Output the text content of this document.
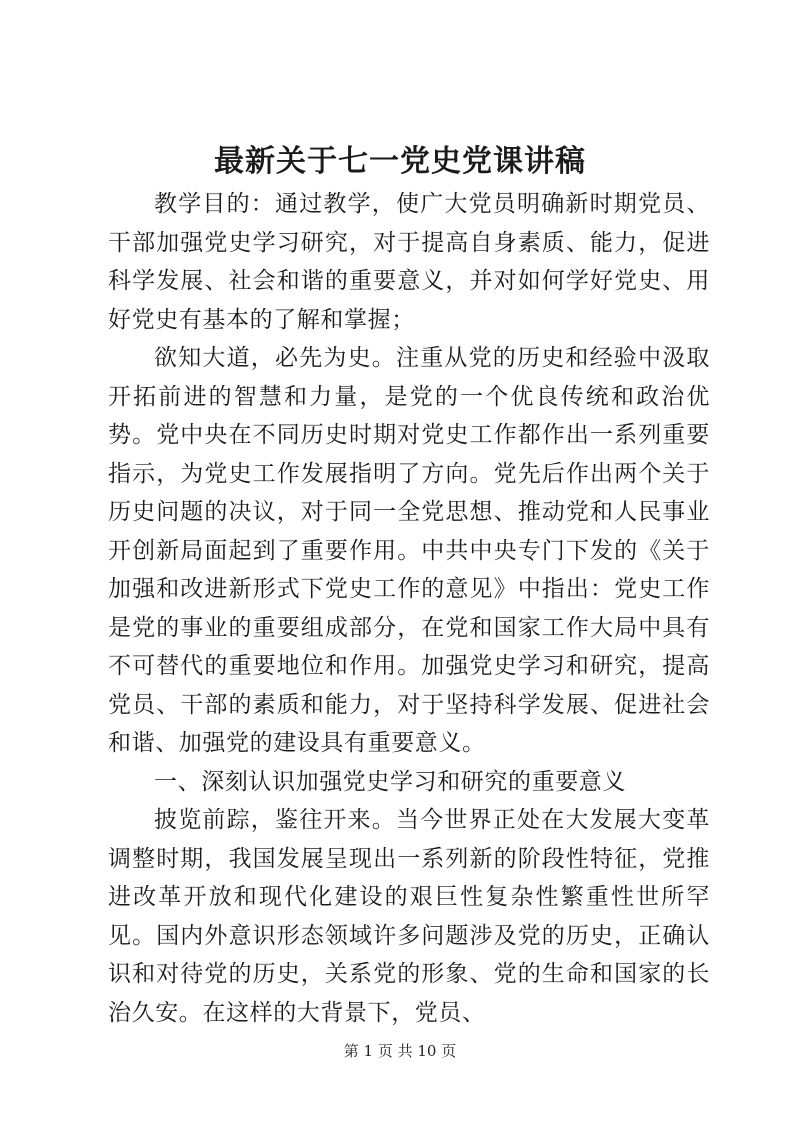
最新关于七一党史党课讲稿

教学目的：通过教学，使广大党员明确新时期党员、干部加强党史学习研究，对于提高自身素质、能力，促进科学发展、社会和谐的重要意义，并对如何学好党史、用好党史有基本的了解和掌握；

欲知大道，必先为史。注重从党的历史和经验中汲取开拓前进的智慧和力量，是党的一个优良传统和政治优势。党中央在不同历史时期对党史工作都作出一系列重要指示，为党史工作发展指明了方向。党先后作出两个关于历史问题的决议，对于同一全党思想、推动党和人民事业开创新局面起到了重要作用。中共中央专门下发的《关于加强和改进新形式下党史工作的意见》中指出：党史工作是党的事业的重要组成部分，在党和国家工作大局中具有不可替代的重要地位和作用。加强党史学习和研究，提高党员、干部的素质和能力，对于坚持科学发展、促进社会和谐、加强党的建设具有重要意义。

一、深刻认识加强党史学习和研究的重要意义

披览前踪，鉴往开来。当今世界正处在大发展大变革调整时期，我国发展呈现出一系列新的阶段性特征，党推进改革开放和现代化建设的艰巨性复杂性繁重性世所罕见。国内外意识形态领域许多问题涉及党的历史，正确认识和对待党的历史，关系党的形象、党的生命和国家的长治久安。在这样的大背景下，党员、

第 1 页 共 10 页
